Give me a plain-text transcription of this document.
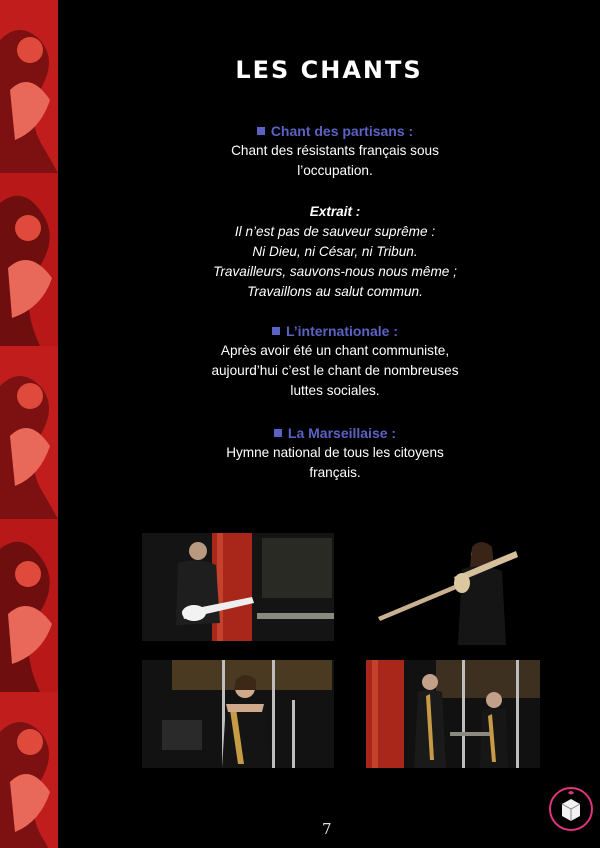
LES CHANTS
Chant des partisans :
Chant des résistants français sous
l’occupation.
Extrait :
Il n’est pas de sauveur suprême :
Ni Dieu, ni César, ni Tribun.
Travailleurs, sauvons-nous nous même ;
Travaillons au salut commun.
L’internationale :
Après avoir été un chant communiste,
aujourd’hui c’est le chant de nombreuses
luttes sociales.
La Marseillaise :
Hymne national de tous les citoyens
français.
7
